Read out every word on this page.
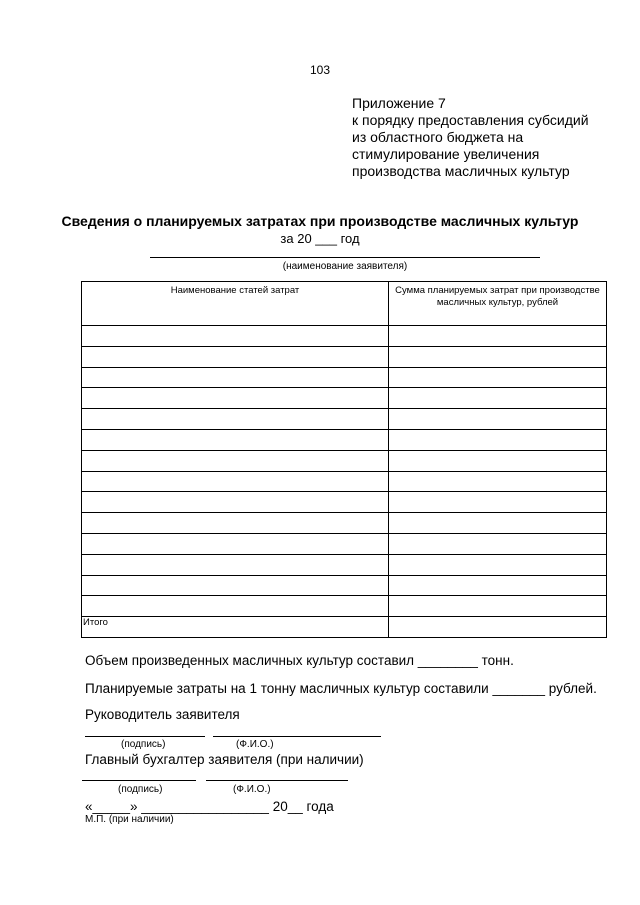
103
Приложение 7
к порядку предоставления субсидий
из областного бюджета на
стимулирование увеличения
производства масличных культур
Сведения о планируемых затратах при производстве масличных культур
за 20 ___ год
(наименование заявителя)
Наименование статей затрат	Сумма планируемых затрат при производстве масличных культур, рублей

Итого	
Объем произведенных масличных культур составил ________ тонн.
Планируемые затраты на 1 тонну масличных культур составили _______ рублей.
Руководитель заявителя
(подпись)	(Ф.И.О.)
Главный бухгалтер заявителя (при наличии)
(подпись)	(Ф.И.О.)
«_____» _________________ 20__ года
М.П. (при наличии)
